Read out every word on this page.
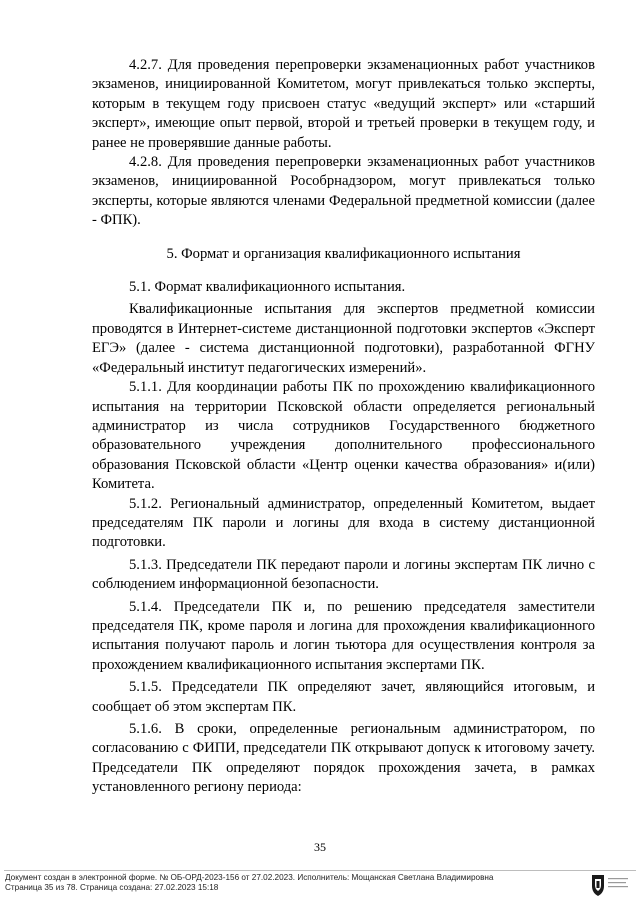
4.2.7. Для проведения перепроверки экзаменационных работ участников экзаменов, инициированной Комитетом, могут привлекаться только эксперты, которым в текущем году присвоен статус «ведущий эксперт» или «старший эксперт», имеющие опыт первой, второй и третьей проверки в текущем году, и ранее не проверявшие данные работы.

4.2.8. Для проведения перепроверки экзаменационных работ участников экзаменов, инициированной Рособрнадзором, могут привлекаться только эксперты, которые являются членами Федеральной предметной комиссии (далее - ФПК).

5. Формат и организация квалификационного испытания

5.1. Формат квалификационного испытания.

Квалификационные испытания для экспертов предметной комиссии проводятся в Интернет-системе дистанционной подготовки экспертов «Эксперт ЕГЭ» (далее - система дистанционной подготовки), разработанной ФГНУ «Федеральный институт педагогических измерений».

5.1.1. Для координации работы ПК по прохождению квалификационного испытания на территории Псковской области определяется региональный администратор из числа сотрудников Государственного бюджетного образовательного учреждения дополнительного профессионального образования Псковской области «Центр оценки качества образования» и(или) Комитета.

5.1.2. Региональный администратор, определенный Комитетом, выдает председателям ПК пароли и логины для входа в систему дистанционной подготовки.

5.1.3. Председатели ПК передают пароли и логины экспертам ПК лично с соблюдением информационной безопасности.

5.1.4. Председатели ПК и, по решению председателя заместители председателя ПК, кроме пароля и логина для прохождения квалификационного испытания получают пароль и логин тьютора для осуществления контроля за прохождением квалификационного испытания экспертами ПК.

5.1.5. Председатели ПК определяют зачет, являющийся итоговым, и сообщает об этом экспертам ПК.

5.1.6. В сроки, определенные региональным администратором, по согласованию с ФИПИ, председатели ПК открывают допуск к итоговому зачету. Председатели ПК определяют порядок прохождения зачета, в рамках установленного региону периода:

35
Документ создан в электронной форме. № ОБ-ОРД-2023-156 от 27.02.2023. Исполнитель: Мощанская Светлана Владимировна
Страница 35 из 78. Страница создана: 27.02.2023 15:18
